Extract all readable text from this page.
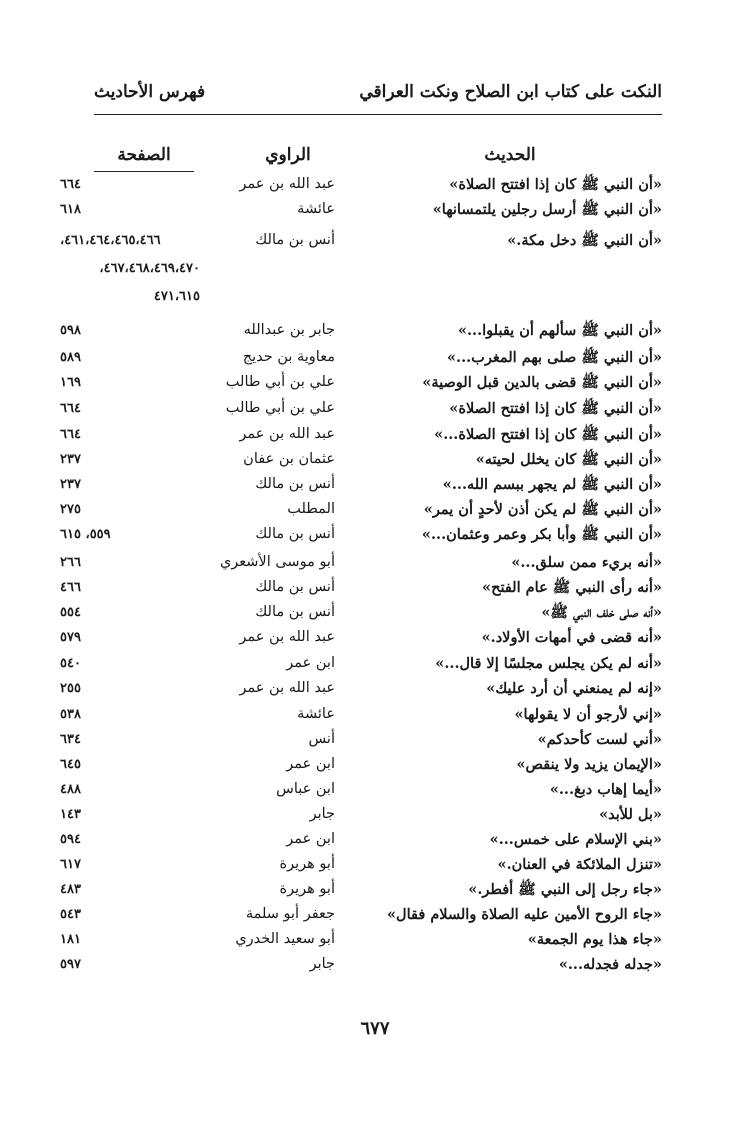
النكت على كتاب ابن الصلاح ونكت العراقي
فهرس الأحاديث
الحديث
الراوي
الصفحة
«أن النبي ﷺ كان إذا افتتح الصلاة»
عبد الله بن عمر
٦٦٤
«أن النبي ﷺ أرسل رجلين يلتمسانها»
عائشة
٦١٨
«أن النبي ﷺ دخل مكة.»
أنس بن مالك
٤٦١،٤٦٤،٤٦٥،٤٦٦،
٤٦٧،٤٦٨،٤٦٩،٤٧٠،
٤٧١،٦١٥
«أن النبي ﷺ سألهم أن يقبلوا...»
جابر بن عبدالله
٥٩٨
«أن النبي ﷺ صلى بهم المغرب...»
معاوية بن حديج
٥٨٩
«أن النبي ﷺ قضى بالدين قبل الوصية»
علي بن أبي طالب
١٦٩
«أن النبي ﷺ كان إذا افتتح الصلاة»
علي بن أبي طالب
٦٦٤
«أن النبي ﷺ كان إذا افتتح الصلاة...»
عبد الله بن عمر
٦٦٤
«أن النبي ﷺ كان يخلل لحيته»
عثمان بن عفان
٢٣٧
«أن النبي ﷺ لم يجهر ببسم الله...»
أنس بن مالك
٢٣٧
«أن النبي ﷺ لم يكن أذن لأحدٍ أن يمر»
المطلب
٢٧٥
«أن النبي ﷺ وأبا بكر وعمر وعثمان...»
أنس بن مالك
٥٥٩، ٦١٥
«أنه بريء ممن سلق...»
أبو موسى الأشعري
٢٦٦
«أنه رأى النبي ﷺ عام الفتح»
أنس بن مالك
٤٦٦
«أنه صلى خلف النبي ﷺ»
أنس بن مالك
٥٥٤
«أنه قضى في أمهات الأولاد.»
عبد الله بن عمر
٥٧٩
«أنه لم يكن يجلس مجلسًا إلا قال...»
ابن عمر
٥٤٠
«إنه لم يمنعني أن أرد عليك»
عبد الله بن عمر
٢٥٥
«إني لأرجو أن لا يقولها»
عائشة
٥٣٨
«أني لست كأحدكم»
أنس
٦٣٤
«الإيمان يزيد ولا ينقص»
ابن عمر
٦٤٥
«أيما إهاب دبغ...»
ابن عباس
٤٨٨
«بل للأبد»
جابر
١٤٣
«بني الإسلام على خمس...»
ابن عمر
٥٩٤
«تنزل الملائكة في العنان.»
أبو هريرة
٦١٧
«جاء رجل إلى النبي ﷺ أفطر.»
أبو هريرة
٤٨٣
«جاء الروح الأمين عليه الصلاة والسلام فقال»
جعفر أبو سلمة
٥٤٣
«جاء هذا يوم الجمعة»
أبو سعيد الخدري
١٨١
«جدله فجدله...»
جابر
٥٩٧
٦٧٧
